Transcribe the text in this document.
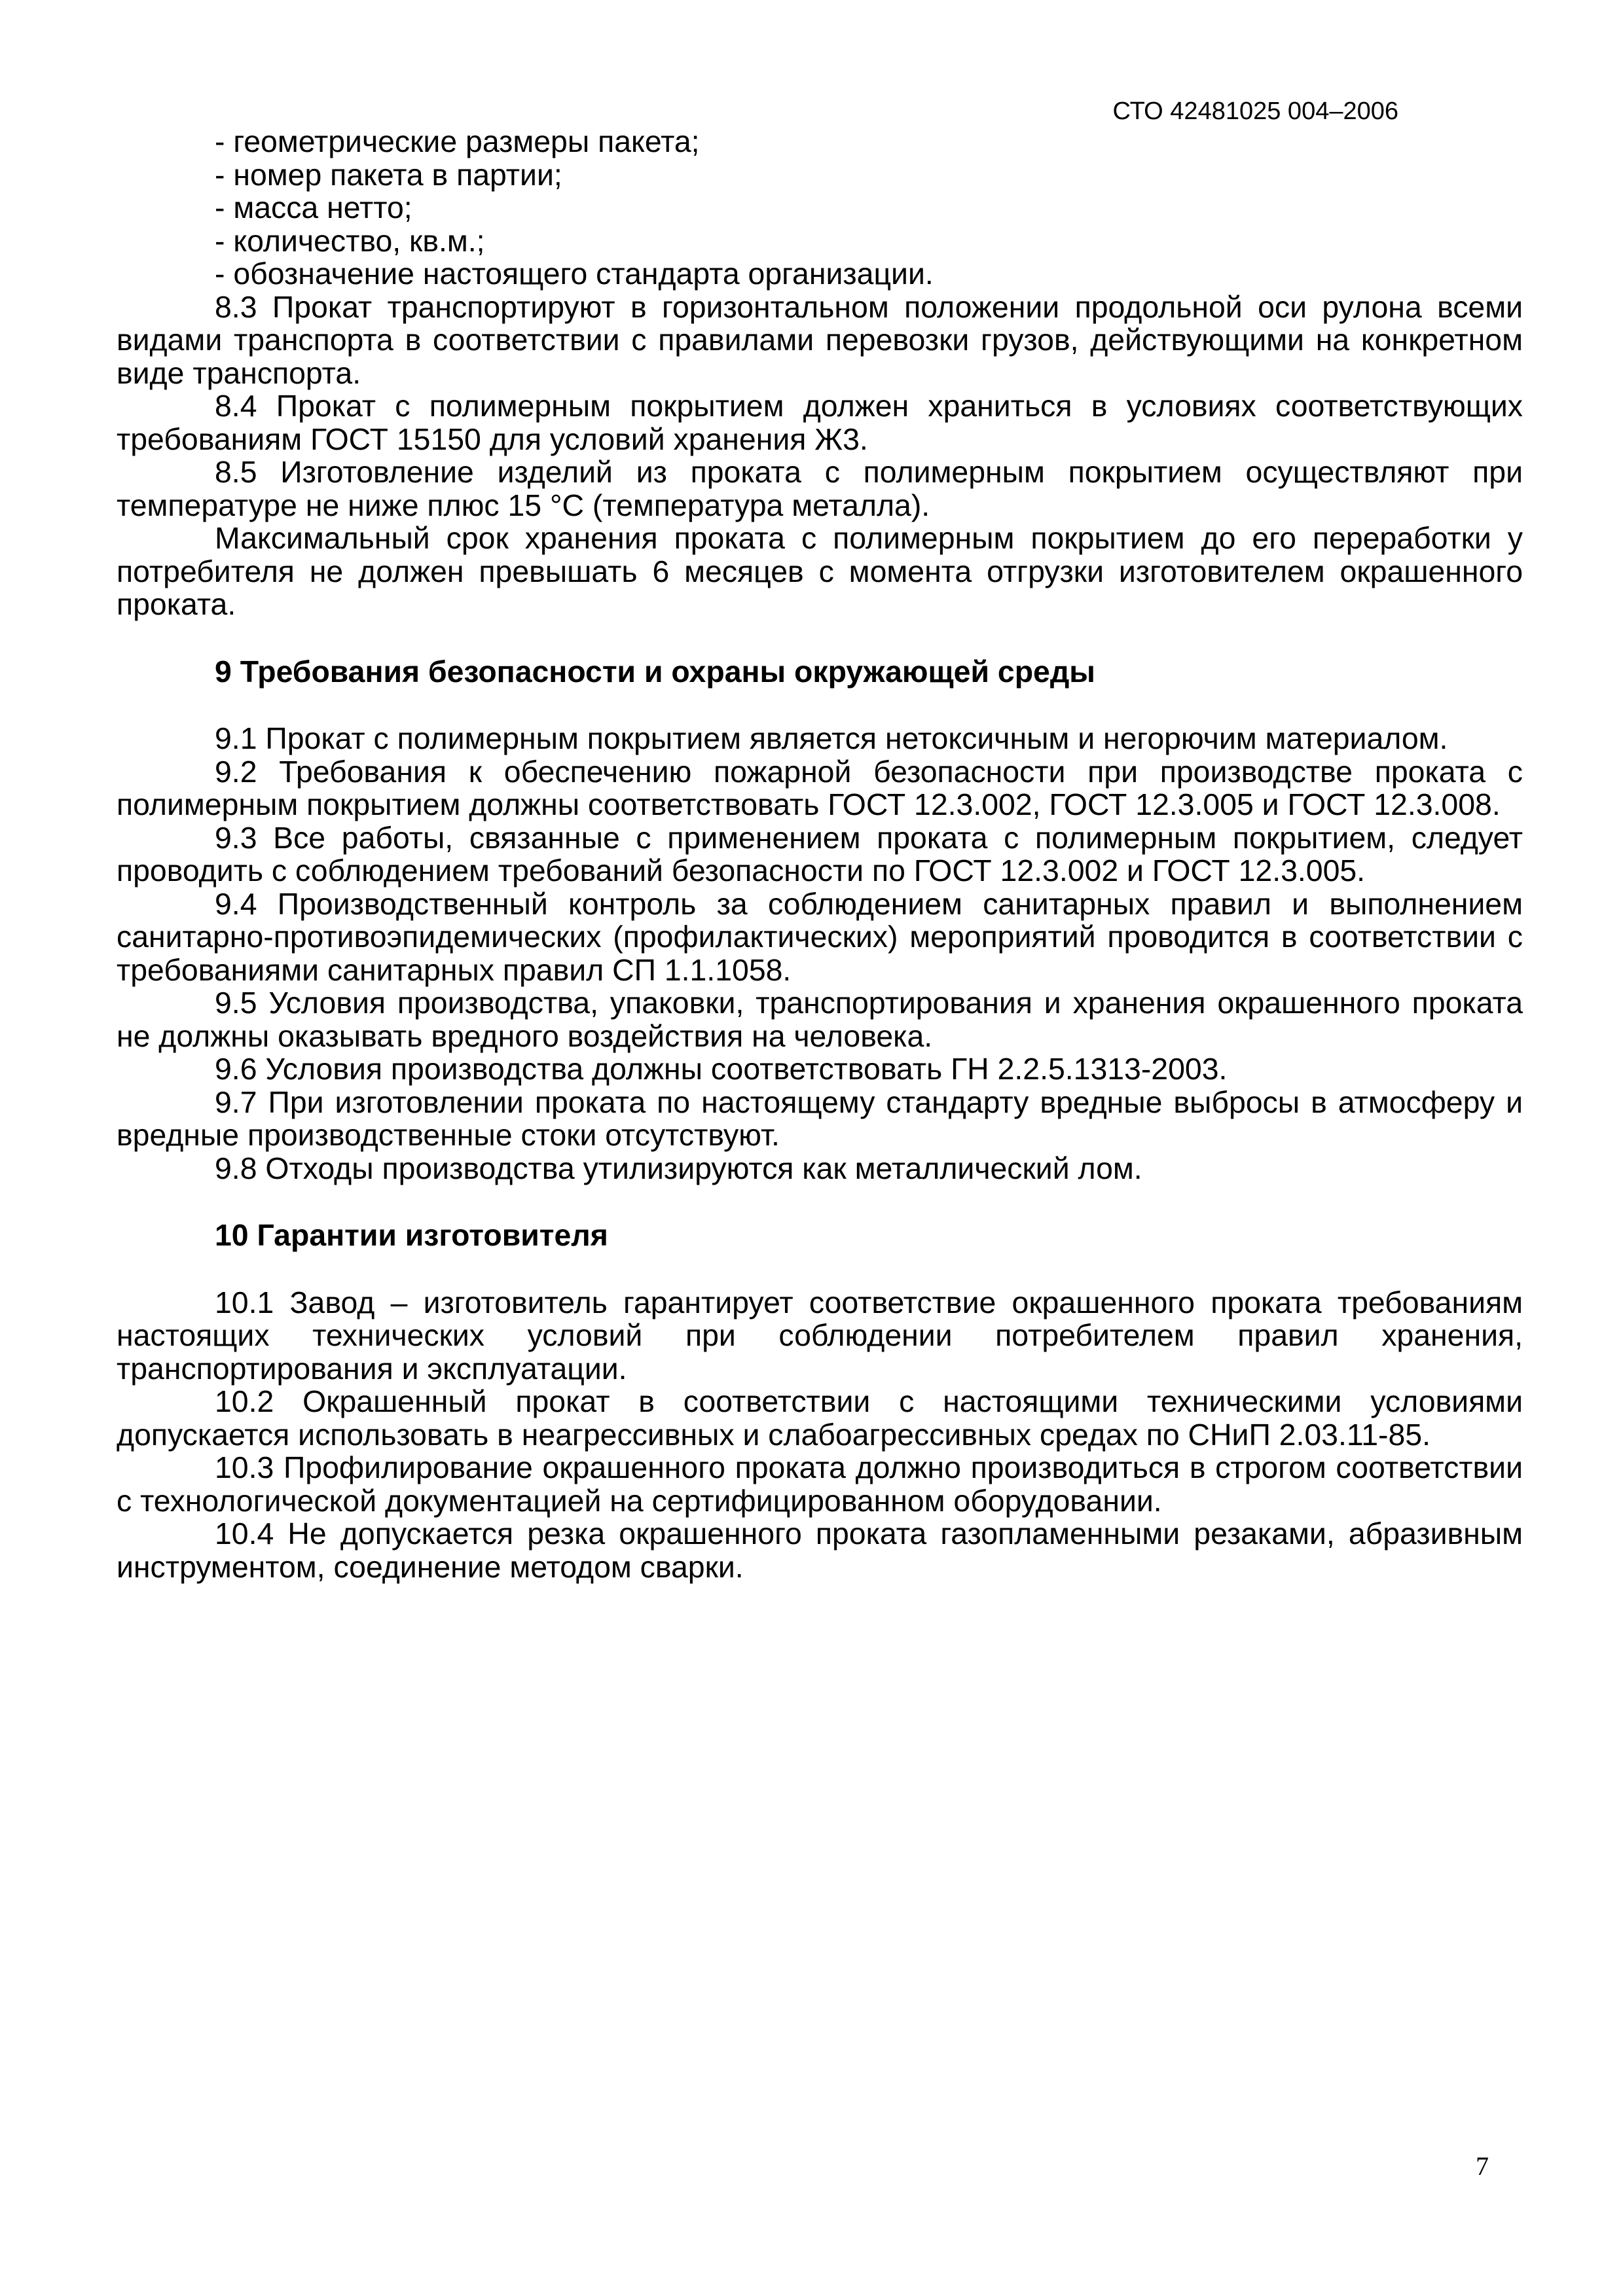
СТО 42481025 004–2006
- геометрические размеры пакета;
- номер пакета в партии;
- масса нетто;
- количество, кв.м.;
- обозначение настоящего стандарта организации.

8.3 Прокат транспортируют в горизонтальном положении продольной оси рулона всеми видами транспорта в соответствии с правилами перевозки грузов, действующими на конкретном виде транспорта.

8.4 Прокат с полимерным покрытием должен храниться в условиях соответствующих требованиям ГОСТ 15150 для условий хранения Ж3.

8.5 Изготовление изделий из проката с полимерным покрытием осуществляют при температуре не ниже плюс 15 °С (температура металла).

Максимальный срок хранения проката с полимерным покрытием до его переработки у потребителя не должен превышать 6 месяцев с момента отгрузки изготовителем окрашенного проката.

9 Требования безопасности и охраны окружающей среды

9.1 Прокат с полимерным покрытием является нетоксичным и негорючим материалом.

9.2 Требования к обеспечению пожарной безопасности при производстве проката с полимерным покрытием должны соответствовать ГОСТ 12.3.002, ГОСТ 12.3.005 и ГОСТ 12.3.008.

9.3 Все работы, связанные с применением проката с полимерным покрытием, следует проводить с соблюдением требований безопасности по ГОСТ 12.3.002 и ГОСТ 12.3.005.

9.4 Производственный контроль за соблюдением санитарных правил и выполнением санитарно-противоэпидемических (профилактических) мероприятий проводится в соответствии с требованиями санитарных правил СП 1.1.1058.

9.5 Условия производства, упаковки, транспортирования и хранения окрашенного проката не должны оказывать вредного воздействия на человека.

9.6 Условия производства должны соответствовать ГН 2.2.5.1313-2003.

9.7 При изготовлении проката по настоящему стандарту вредные выбросы в атмосферу и вредные производственные стоки отсутствуют.

9.8 Отходы производства утилизируются как металлический лом.

10 Гарантии изготовителя

10.1 Завод – изготовитель гарантирует соответствие окрашенного проката требованиям настоящих технических условий при соблюдении потребителем правил хранения, транспортирования и эксплуатации.

10.2 Окрашенный прокат в соответствии с настоящими техническими условиями допускается использовать в неагрессивных и слабоагрессивных средах по СНиП 2.03.11-85.

10.3 Профилирование окрашенного проката должно производиться в строгом соответствии с технологической документацией на сертифицированном оборудовании.

10.4 Не допускается резка окрашенного проката газопламенными резаками, абразивным инструментом, соединение методом сварки.

7
